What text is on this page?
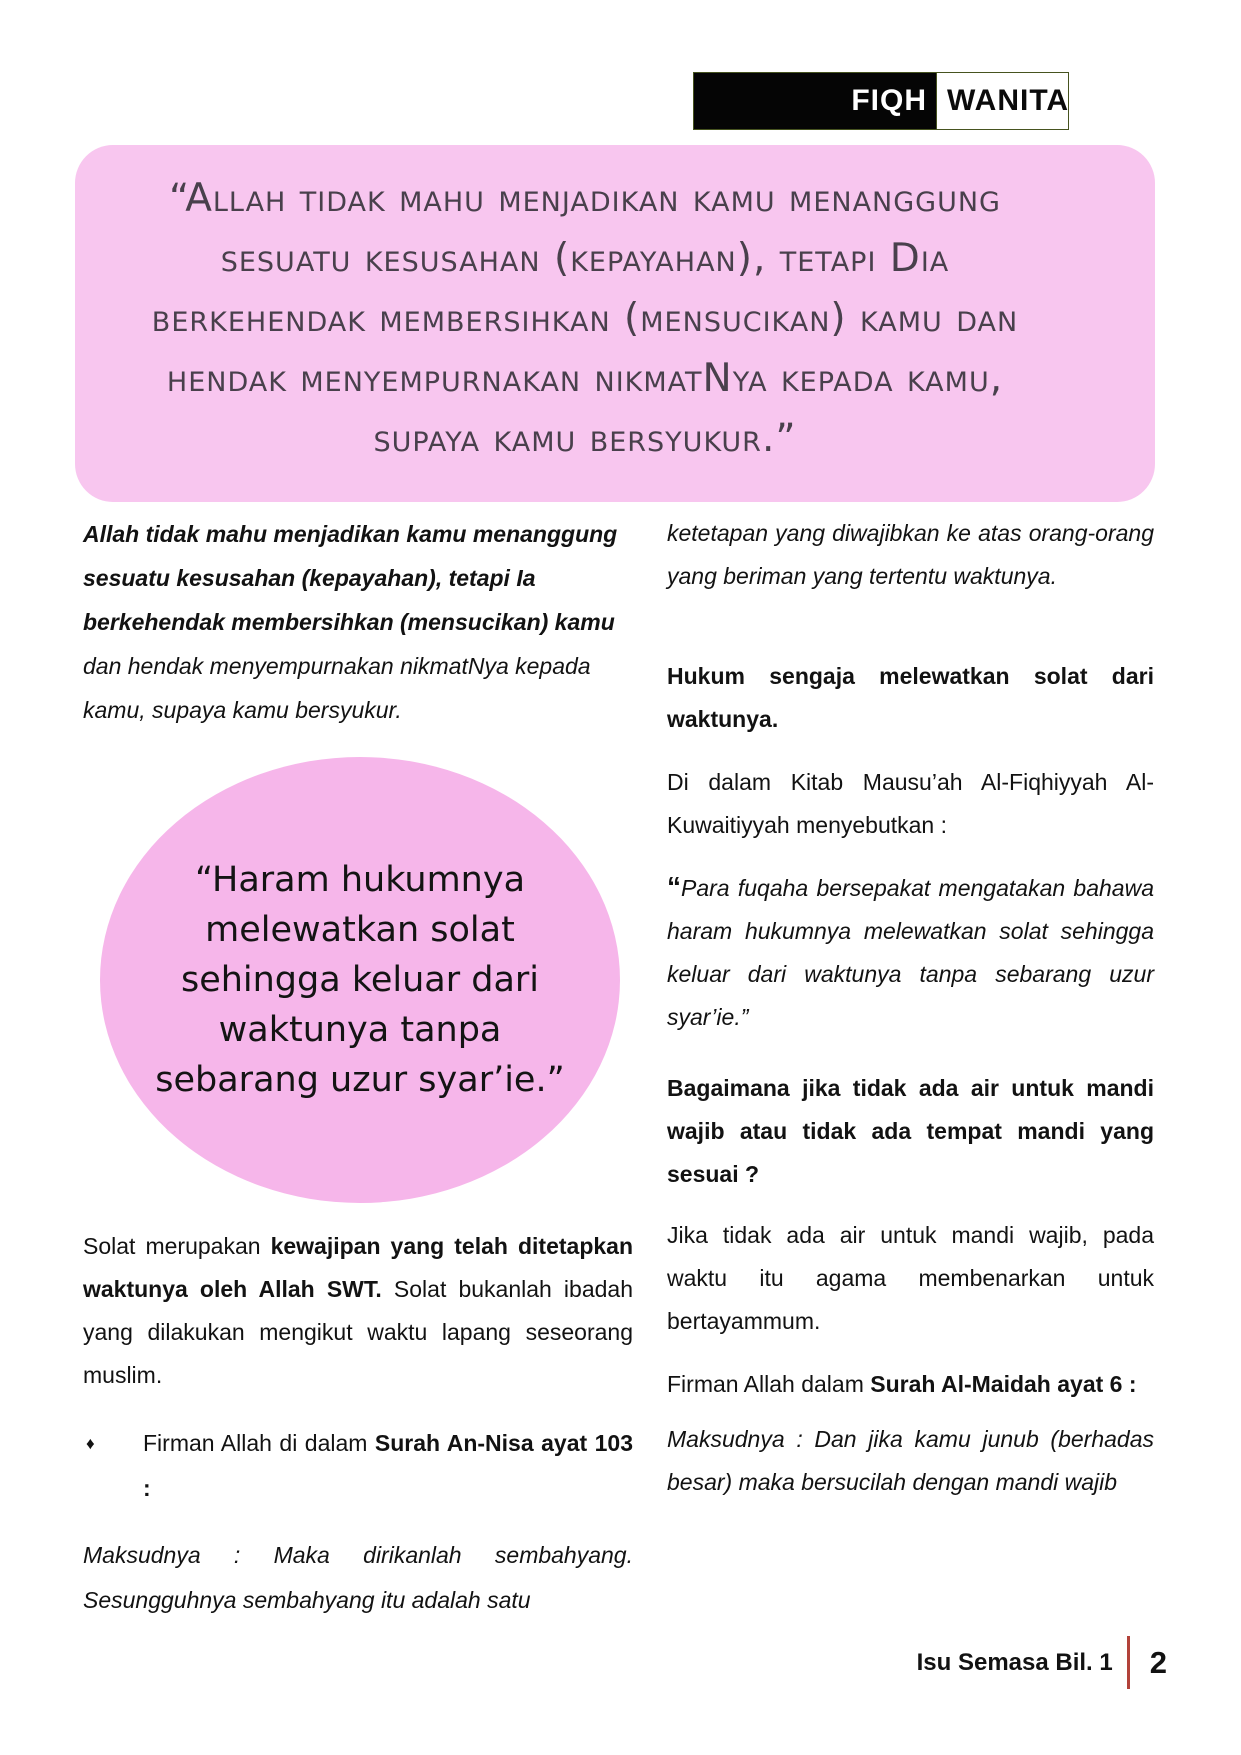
FIQH WANITA

“Allah tidak mahu menjadikan kamu menanggung sesuatu kesusahan (kepayahan), tetapi Dia berkehendak membersihkan (mensucikan) kamu dan hendak menyempurnakan nikmatNya kepada kamu, supaya kamu bersyukur.”

Allah tidak mahu menjadikan kamu menanggung sesuatu kesusahan (kepayahan), tetapi Ia berkehendak membersihkan (mensucikan) kamu dan hendak menyempurnakan nikmatNya kepada kamu, supaya kamu bersyukur.

“Haram hukumnya melewatkan solat sehingga keluar dari waktunya tanpa sebarang uzur syar’ie.”

Solat merupakan kewajipan yang telah ditetapkan waktunya oleh Allah SWT. Solat bukanlah ibadah yang dilakukan mengikut waktu lapang seseorang muslim.

♦	Firman Allah di dalam Surah An-Nisa ayat 103 :

Maksudnya : Maka dirikanlah sembahyang. Sesungguhnya sembahyang itu adalah satu

ketetapan yang diwajibkan ke atas orang-orang yang beriman yang tertentu waktunya.

Hukum sengaja melewatkan solat dari waktunya.

Di dalam Kitab Mausu’ah Al-Fiqhiyyah Al-Kuwaitiyyah menyebutkan :

“Para fuqaha bersepakat mengatakan bahawa haram hukumnya melewatkan solat sehingga keluar dari waktunya tanpa sebarang uzur syar’ie.”

Bagaimana jika tidak ada air untuk mandi wajib atau tidak ada tempat mandi yang sesuai ?

Jika tidak ada air untuk mandi wajib, pada waktu itu agama membenarkan untuk bertayammum.

Firman Allah dalam Surah Al-Maidah ayat 6 :

Maksudnya : Dan jika kamu junub (berhadas besar) maka bersucilah dengan mandi wajib

Isu Semasa Bil. 1 2
